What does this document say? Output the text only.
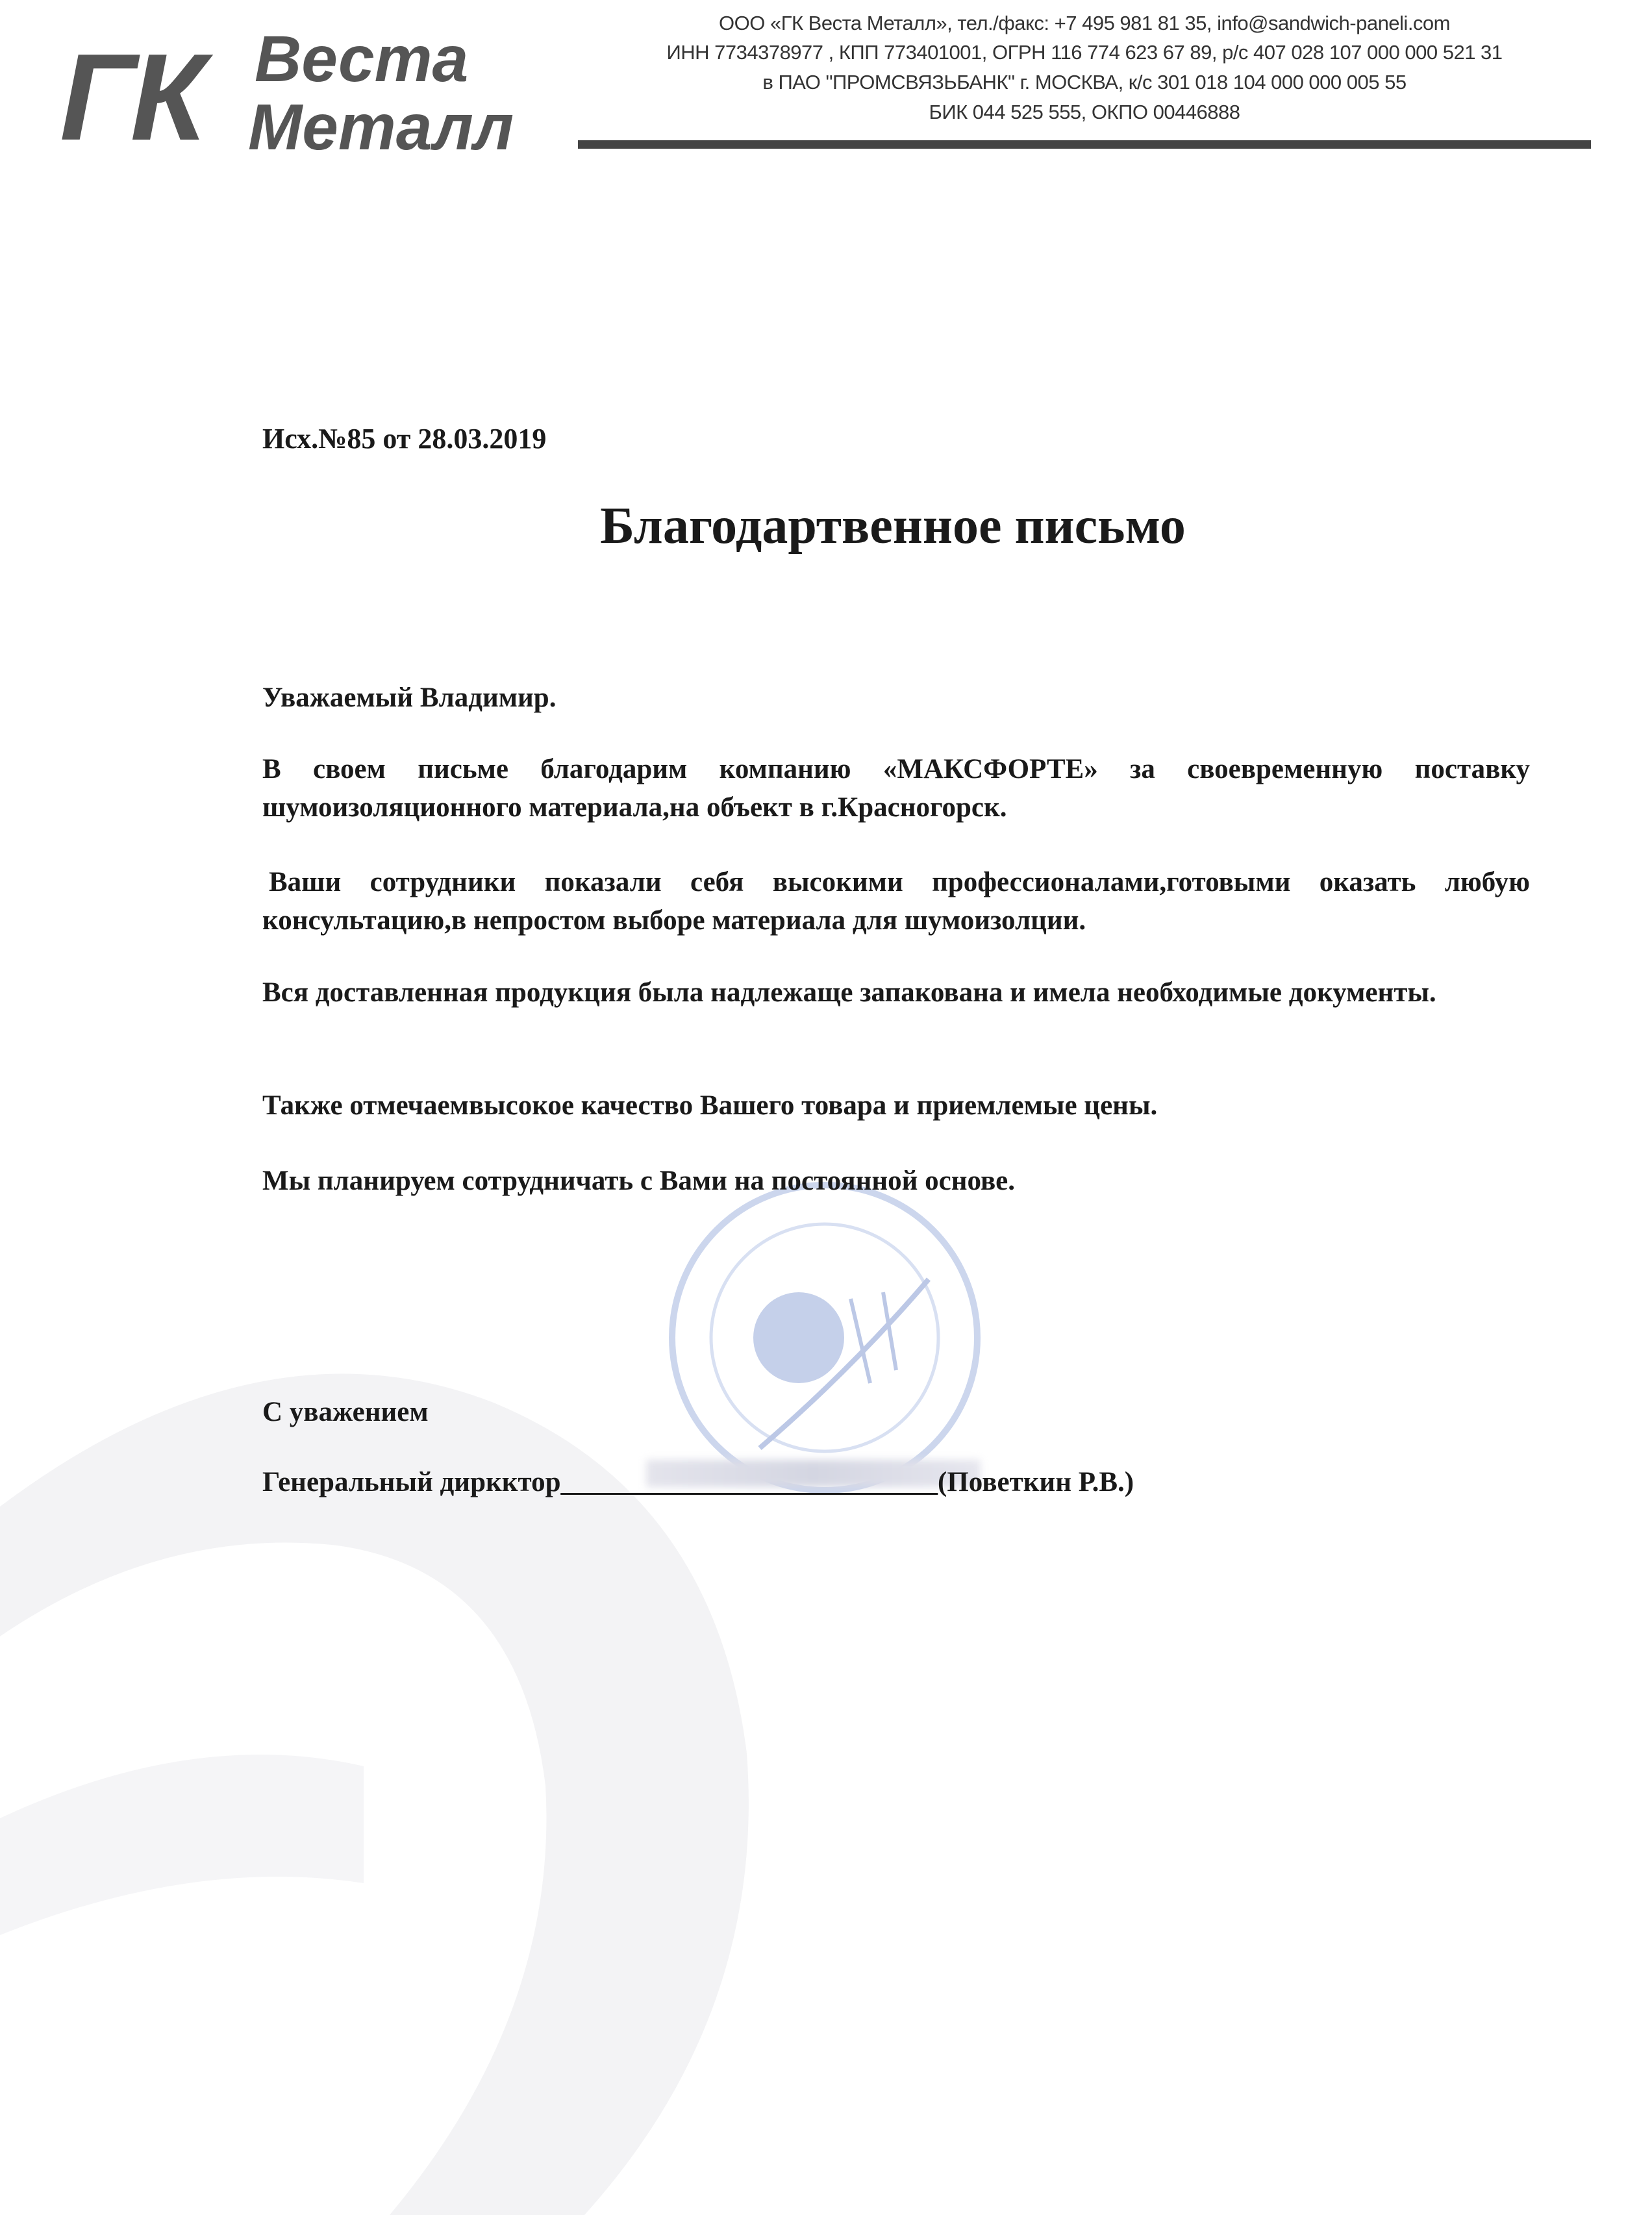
ГК Веста
Металл
ООО «ГК Веста Металл», тел./факс: +7 495 981 81 35, info@sandwich-paneli.com
ИНН 7734378977 , КПП 773401001, ОГРН 116 774 623 67 89, р/с 407 028 107 000 000 521 31
в ПАО "ПРОМСВЯЗЬБАНК" г. МОСКВА, к/с 301 018 104 000 000 005 55
БИК 044 525 555, ОКПО 00446888
Исх.№85 от 28.03.2019
Благодартвенное письмо
Уважаемый Владимир.
В своем письме благодарим компанию «МАКСФОРТЕ» за своевременную поставку шумоизоляционного материала,на объект в г.Красногорск.
Ваши сотрудники показали себя высокими профессионалами,готовыми оказать любую консультацию,в непростом выборе материала для шумоизолции.
Вся доставленная продукция была надлежаще запакована и имела необходимые документы.
Также отмечаемвысокое качество Вашего товара и приемлемые цены.
Мы планируем сотрудничать с Вами на постоянной основе.
С уважением
Генеральный диркктор___________________________(Поветкин Р.В.)
